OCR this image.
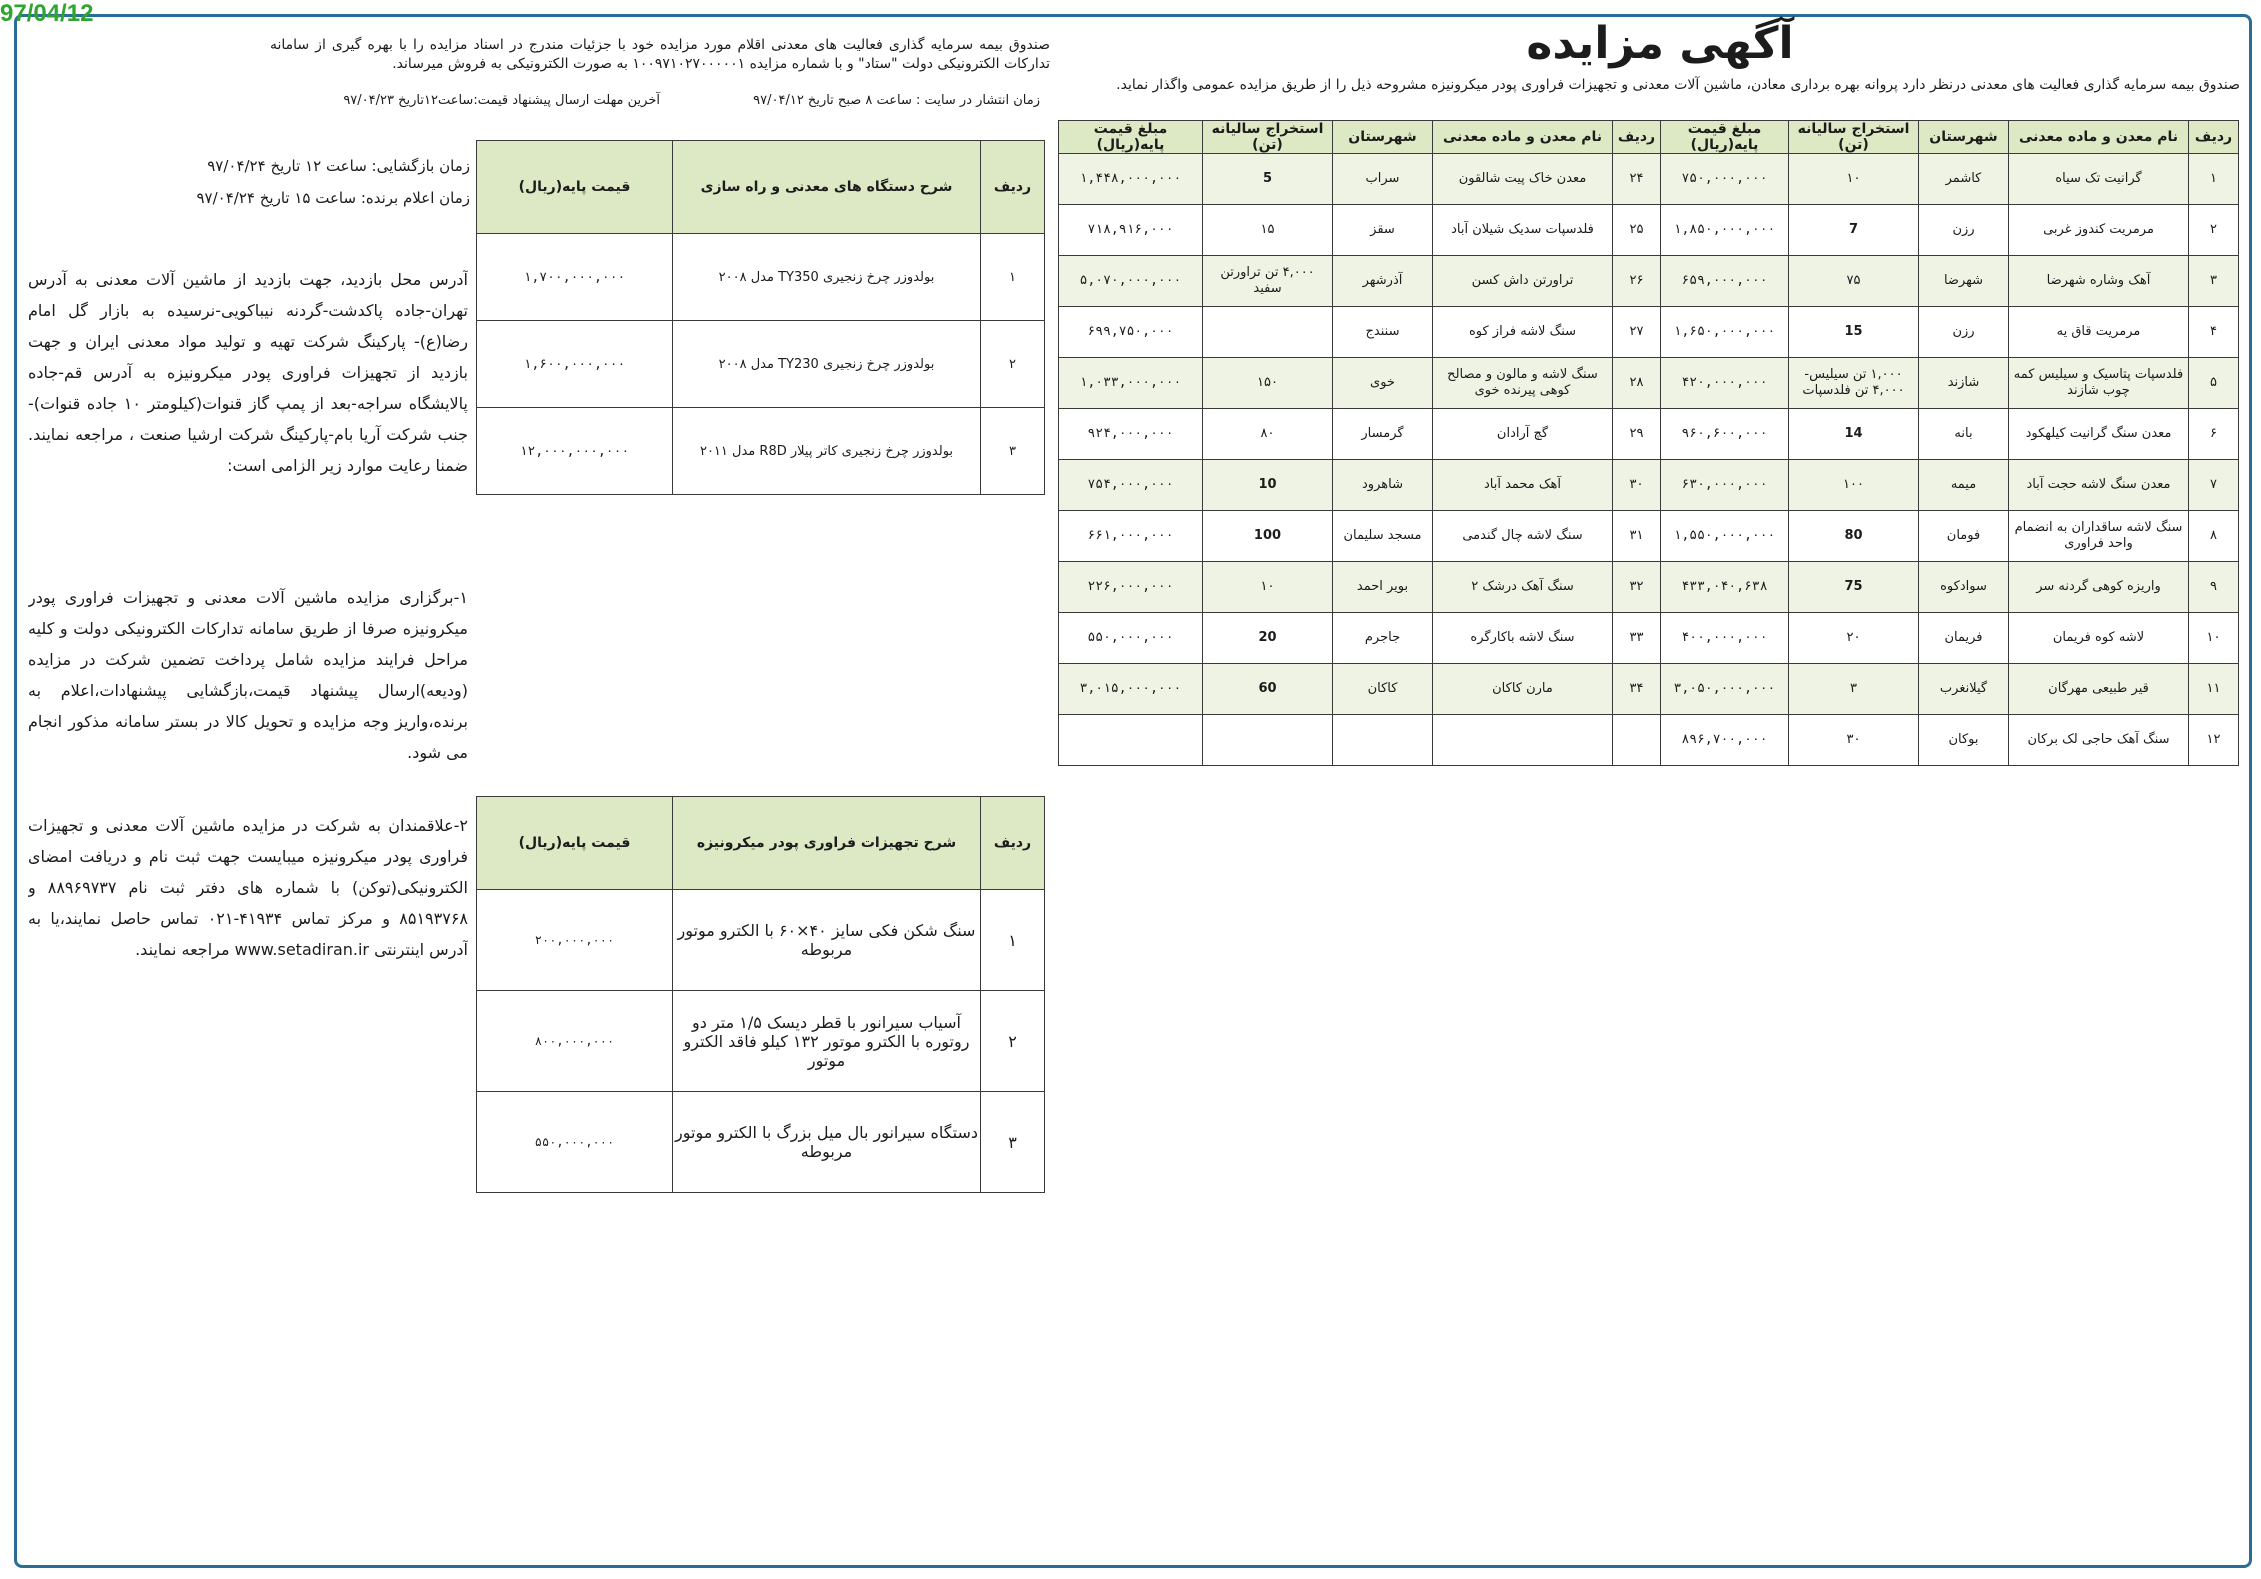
97/04/12
آگهی مزایده
صندوق بیمه سرمایه گذاری فعالیت های معدنی درنظر دارد پروانه بهره برداری معادن، ماشین آلات معدنی و تجهیزات فراوری پودر میکرونیزه مشروحه ذیل را از طریق مزایده عمومی واگذار نماید.
صندوق بیمه سرمایه گذاری فعالیت های معدنی اقلام مورد مزایده خود با جزئیات مندرج در اسناد مزایده را با بهره گیری از سامانه تدارکات الکترونیکی دولت "ستاد" و با شماره مزایده ۱۰۰۹۷۱۰۲۷۰۰۰۰۰۱ به صورت الکترونیکی به فروش میرساند.
زمان انتشار در سایت : ساعت ۸ صبح تاریخ ۹۷/۰۴/۱۲
آخرین مهلت ارسال پیشنهاد قیمت:ساعت۱۲تاریخ ۹۷/۰۴/۲۳
زمان بازگشایی: ساعت ۱۲ تاریخ ۹۷/۰۴/۲۴
زمان اعلام برنده: ساعت ۱۵ تاریخ ۹۷/۰۴/۲۴
آدرس محل بازدید، جهت بازدید از ماشین آلات معدنی به آدرس تهران-جاده پاکدشت-گردنه نیباکویی-نرسیده به بازار گل امام رضا(ع)- پارکینگ شرکت تهیه و تولید مواد معدنی ایران و جهت بازدید از تجهیزات فراوری پودر میکرونیزه به آدرس قم-جاده پالایشگاه سراجه-بعد از پمپ گاز قنوات(کیلومتر ۱۰ جاده قنوات)- جنب شرکت آریا بام-پارکینگ شرکت ارشیا صنعت ، مراجعه نمایند. ضمنا رعایت موارد زیر الزامی است:
۱-برگزاری مزایده ماشین آلات معدنی و تجهیزات فراوری پودر میکرونیزه صرفا از طریق سامانه تدارکات الکترونیکی دولت و کلیه مراحل فرایند مزایده شامل پرداخت تضمین شرکت در مزایده (ودیعه)ارسال پیشنهاد قیمت،بازگشایی پیشنهادات،اعلام به برنده،واریز وجه مزایده و تحویل کالا در بستر سامانه مذکور انجام می شود.
۲-علاقمندان به شرکت در مزایده ماشین آلات معدنی و تجهیزات فراوری پودر میکرونیزه میبایست جهت ثبت نام و دریافت امضای الکترونیکی(توکن) با شماره های دفتر ثبت نام ۸۸۹۶۹۷۳۷ و ۸۵۱۹۳۷۶۸ و مرکز تماس ۴۱۹۳۴-۰۲۱ تماس حاصل نمایند،یا به آدرس اینترنتی www.setadiran.ir مراجعه نمایند.
ردیف	نام معدن و ماده معدنی	شهرستان	استخراج سالیانه (تن)	مبلغ قیمت پایه(ریال)	ردیف	نام معدن و ماده معدنی	شهرستان	استخراج سالیانه (تن)	مبلغ قیمت پایه(ریال)
۱	گرانیت تک سیاه	کاشمر	۱۰	۷۵۰,۰۰۰,۰۰۰	۲۴	معدن خاک پیت شالقون	سراب	5	۱,۴۴۸,۰۰۰,۰۰۰
۲	مرمریت کندوز غربی	رزن	7	۱,۸۵۰,۰۰۰,۰۰۰	۲۵	فلدسپات سدیک شیلان آباد	سقز	۱۵	۷۱۸,۹۱۶,۰۰۰
۳	آهک وشاره شهرضا	شهرضا	۷۵	۶۵۹,۰۰۰,۰۰۰	۲۶	تراورتن داش کسن	آذرشهر	۴,۰۰۰ تن تراورتن سفید	۵,۰۷۰,۰۰۰,۰۰۰
۴	مرمریت قاق یه	رزن	15	۱,۶۵۰,۰۰۰,۰۰۰	۲۷	سنگ لاشه فراز کوه	سنندج		۶۹۹,۷۵۰,۰۰۰
۵	فلدسپات پتاسیک و سیلیس کمه چوب شازند	شازند	۱,۰۰۰ تن سیلیس- ۴,۰۰۰ تن فلدسپات	۴۲۰,۰۰۰,۰۰۰	۲۸	سنگ لاشه و مالون و مصالح کوهی پیرنده خوی	خوی	۱۵۰	۱,۰۳۳,۰۰۰,۰۰۰
۶	معدن سنگ گرانیت کیلهکود	بانه	14	۹۶۰,۶۰۰,۰۰۰	۲۹	گچ آرادان	گرمسار	۸۰	۹۲۴,۰۰۰,۰۰۰
۷	معدن سنگ لاشه حجت آباد	میمه	۱۰۰	۶۳۰,۰۰۰,۰۰۰	۳۰	آهک محمد آباد	شاهرود	10	۷۵۴,۰۰۰,۰۰۰
۸	سنگ لاشه ساقداران به انضمام واحد فراوری	فومان	80	۱,۵۵۰,۰۰۰,۰۰۰	۳۱	سنگ لاشه چال گندمی	مسجد سلیمان	100	۶۶۱,۰۰۰,۰۰۰
۹	واریزه کوهی گردنه سر	سوادکوه	75	۴۳۳,۰۴۰,۶۳۸	۳۲	سنگ آهک درشک ۲	بویر احمد	۱۰	۲۲۶,۰۰۰,۰۰۰
۱۰	لاشه کوه فریمان	فریمان	۲۰	۴۰۰,۰۰۰,۰۰۰	۳۳	سنگ لاشه باکارگره	جاجرم	20	۵۵۰,۰۰۰,۰۰۰
۱۱	قیر طبیعی مهرگان	گیلانغرب	۳	۳,۰۵۰,۰۰۰,۰۰۰	۳۴	مارن کاکان	کاکان	60	۳,۰۱۵,۰۰۰,۰۰۰
۱۲	سنگ آهک حاجی لک برکان	بوکان	۳۰	۸۹۶,۷۰۰,۰۰۰					
ردیف	شرح دستگاه های معدنی و راه سازی	قیمت پایه(ریال)
۱	بولدوزر چرخ زنجیری TY350 مدل ۲۰۰۸	۱,۷۰۰,۰۰۰,۰۰۰
۲	بولدوزر چرخ زنجیری TY230 مدل ۲۰۰۸	۱,۶۰۰,۰۰۰,۰۰۰
۳	بولدوزر چرخ زنجیری کاتر پیلار R8D مدل ۲۰۱۱	۱۲,۰۰۰,۰۰۰,۰۰۰
ردیف	شرح تجهیزات فراوری پودر میکرونیزه	قیمت پایه(ریال)
۱	سنگ شکن فکی سایز ۴۰×۶۰ با الکترو موتور مربوطه	۲۰۰,۰۰۰,۰۰۰
۲	آسیاب سیرانور با قطر دیسک ۱/۵ متر دو روتوره با الکترو موتور ۱۳۲ کیلو فاقد الکترو موتور	۸۰۰,۰۰۰,۰۰۰
۳	دستگاه سیرانور بال میل بزرگ با الکترو موتور مربوطه	۵۵۰,۰۰۰,۰۰۰
